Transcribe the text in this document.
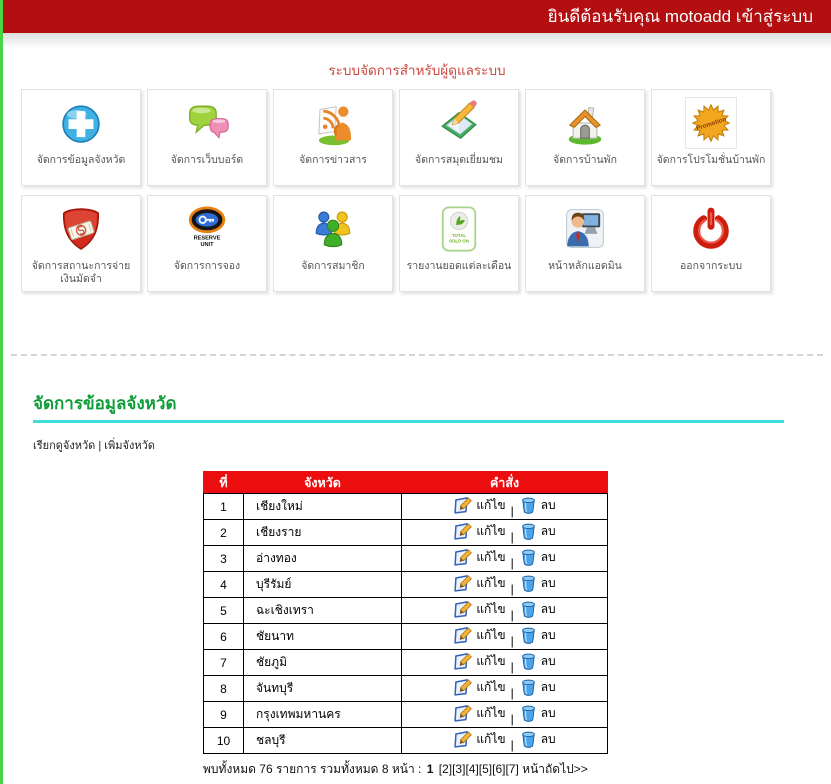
ยินดีต้อนรับคุณ motoadd เข้าสู่ระบบ
ระบบจัดการสำหรับผู้ดูแลระบบ
จัดการข้อมูลจังหวัด	จัดการเว็บบอร์ด	จัดการข่าวสาร	จัดการสมุดเยี่ยมชม	จัดการบ้านพัก
Promotion
จัดการโปรโมชั่นบ้านพัก
จัดการสถานะการจ่ายเงินมัดจำ
RESERVE
UNIT
จัดการการจอง	จัดการสมาชิก
TOTAL
SOLD ON
รายงานยอดแต่ละเดือน	หน้าหลักแอดมิน	ออกจากระบบ
จัดการข้อมูลจังหวัด
เรียกดูจังหวัด | เพิ่มจังหวัด
ที่	จังหวัด	คำสั่ง
1	เชียงใหม่	แก้ไข | ลบ

2	เชียงราย	แก้ไข | ลบ

3	อ่างทอง	แก้ไข | ลบ

4	บุรีรัมย์	แก้ไข | ลบ

5	ฉะเชิงเทรา	แก้ไข | ลบ

6	ชัยนาท	แก้ไข | ลบ

7	ชัยภูมิ	แก้ไข | ลบ

8	จันทบุรี	แก้ไข | ลบ

9	กรุงเทพมหานคร	แก้ไข | ลบ

10	ชลบุรี	แก้ไข | ลบ
พบทั้งหมด 76 รายการ รวมทั้งหมด 8 หน้า : 1 [2][3][4][5][6][7] หน้าถัดไป>>
